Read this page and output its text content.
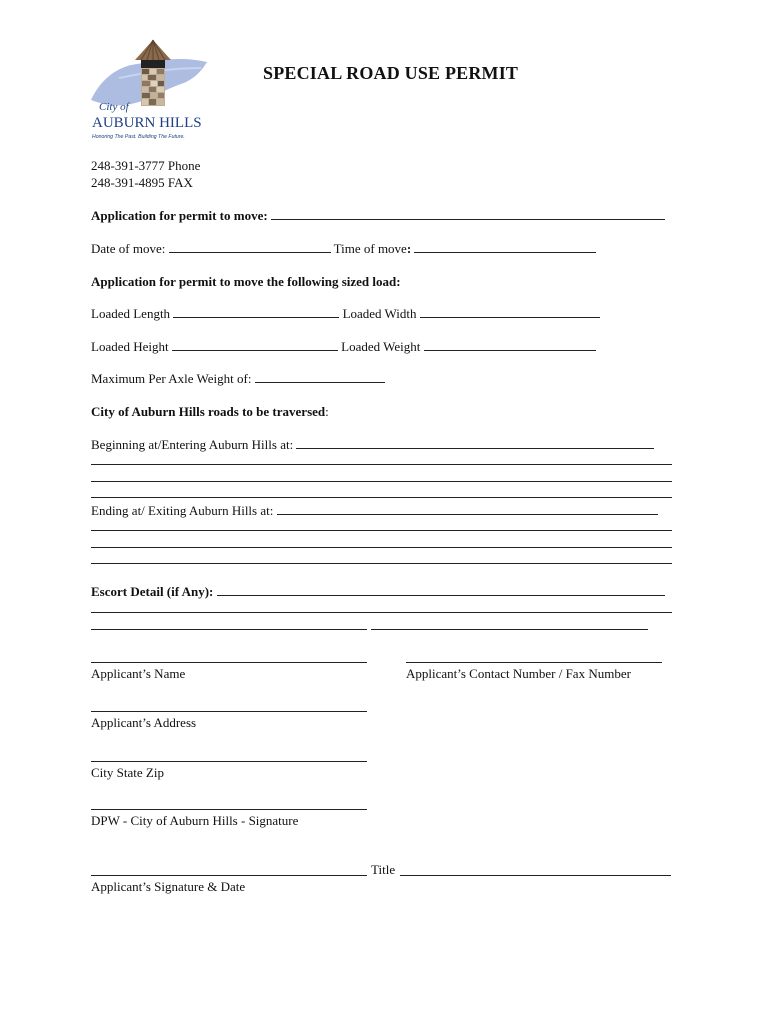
City of
AUBURN HILLS
Honoring The Past. Building The Future.
SPECIAL ROAD USE PERMIT
248-391-3777 Phone
248-391-4895 FAX
Application for permit to move:
Date of move:	Time of move:
Application for permit to move the following sized load:
Loaded Length	Loaded Width
Loaded Height	Loaded Weight
Maximum Per Axle Weight of:
City of Auburn Hills roads to be traversed:
Beginning at/Entering Auburn Hills at:
Ending at/ Exiting Auburn Hills at:
Escort Detail (if Any):
Applicant’s Name	Applicant’s Contact Number / Fax Number
Applicant’s Address
City State Zip
DPW - City of Auburn Hills - Signature
Title
Applicant’s Signature & Date
